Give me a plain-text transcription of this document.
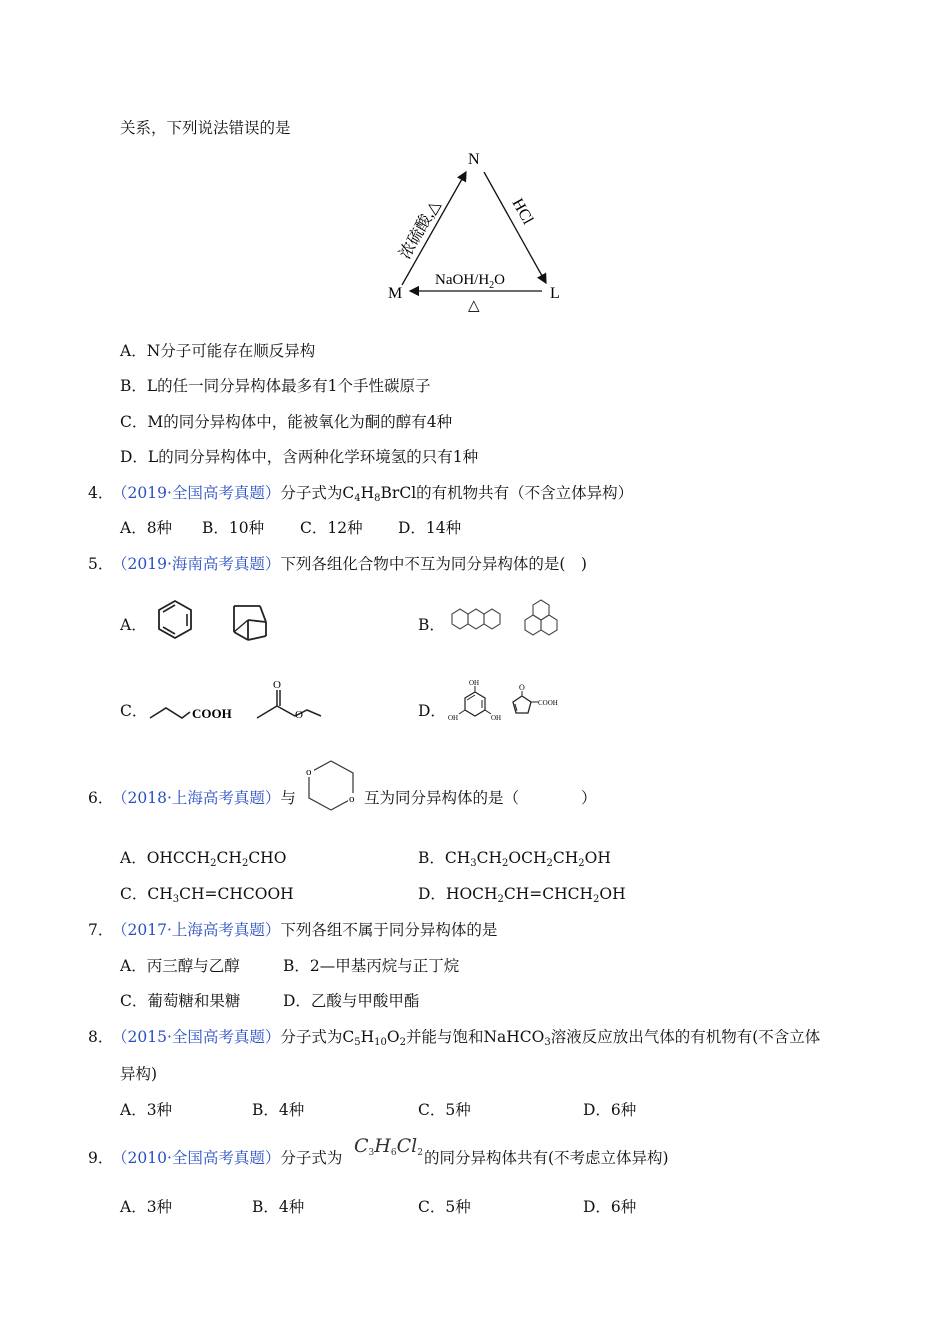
关系，下列说法错误的是
N
M	L
浓硫酸,△	HCl
NaOH/$H_2O$
△
A．N分子可能存在顺反异构
B．L的任一同分异构体最多有1个手性碳原子
C．M的同分异构体中，能被氧化为酮的醇有4种
D．L的同分异构体中，含两种化学环境氢的只有1种
4．
（2019·全国高考真题）分子式为$C_4H_8BrCl$的有机物共有（不含立体异构）
A．8种 B．10种 C．12种 D．14种
5．
（2019·海南高考真题）下列各组化合物中不互为同分异构体的是(　)
A．	B．
C．	COOH
O
O	D．
OH
OH	OH
O
COOH
6．
（2018·上海高考真题）与
o
o 互为同分异构体的是（　　　　）
A．$OHCCH_2CH_2CHO$	B．$CH_3CH_2OCH_2CH_2OH$
C．$CH_3CH=CHCOOH$	D．$HOCH_2CH=CHCH_2OH$
7．
（2017·上海高考真题）下列各组不属于同分异构体的是
A．丙三醇与乙醇	B．2—甲基丙烷与正丁烷
C．葡萄糖和果糖	D．乙酸与甲酸甲酯
8．
（2015·全国高考真题）分子式为$C_5H_{10}O_2$并能与饱和NaHCO$_3$溶液反应放出气体的有机物有(不含立体
异构)
A．3种	B．4种	C．5种	D．6种
9．
（2010·全国高考真题）分子式为
$C_3H_6Cl_2$ 的同分异构体共有(不考虑立体异构)
A．3种	B．4种	C．5种	D．6种
